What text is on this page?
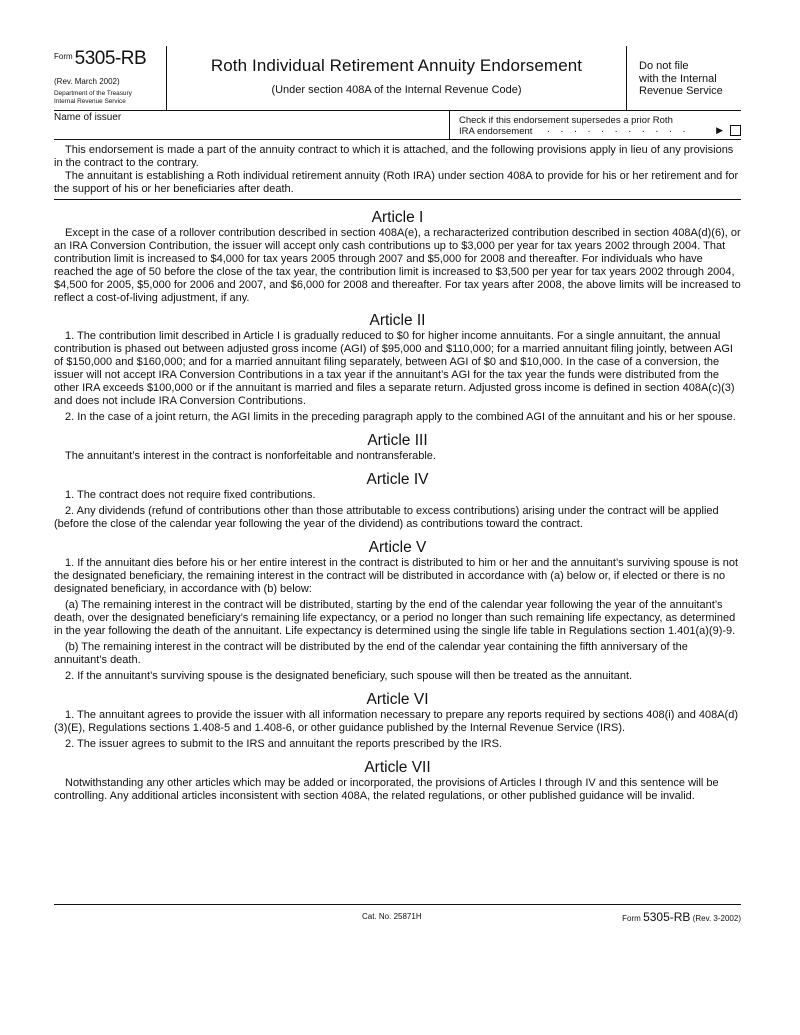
$^{Form}$ 5305-RB
(Rev. March 2002)
Department of the Treasury
Internal Revenue Service
Roth Individual Retirement Annuity Endorsement
(Under section 408A of the Internal Revenue Code)
Do not file
with the Internal
Revenue Service
Name of issuer	Check if this endorsement supersedes a prior Roth
IRA endorsement . . . . . . . . . . .	▶

This endorsement is made a part of the annuity contract to which it is attached, and the following provisions apply in lieu of any provisions in the contract to the contrary.

The annuitant is establishing a Roth individual retirement annuity (Roth IRA) under section 408A to provide for his or her retirement and for the support of his or her beneficiaries after death.

Article I

Except in the case of a rollover contribution described in section 408A(e), a recharacterized contribution described in section 408A(d)(6), or an IRA Conversion Contribution, the issuer will accept only cash contributions up to $3,000 per year for tax years 2002 through 2004. That contribution limit is increased to $4,000 for tax years 2005 through 2007 and $5,000 for 2008 and thereafter. For individuals who have reached the age of 50 before the close of the tax year, the contribution limit is increased to $3,500 per year for tax years 2002 through 2004, $4,500 for 2005, $5,000 for 2006 and 2007, and $6,000 for 2008 and thereafter. For tax years after 2008, the above limits will be increased to reflect a cost-of-living adjustment, if any.

Article II

1. The contribution limit described in Article I is gradually reduced to $0 for higher income annuitants. For a single annuitant, the annual contribution is phased out between adjusted gross income (AGI) of $95,000 and $110,000; for a married annuitant filing jointly, between AGI of $150,000 and $160,000; and for a married annuitant filing separately, between AGI of $0 and $10,000. In the case of a conversion, the issuer will not accept IRA Conversion Contributions in a tax year if the annuitant’s AGI for the tax year the funds were distributed from the other IRA exceeds $100,000 or if the annuitant is married and files a separate return. Adjusted gross income is defined in section 408A(c)(3) and does not include IRA Conversion Contributions.

2. In the case of a joint return, the AGI limits in the preceding paragraph apply to the combined AGI of the annuitant and his or her spouse.

Article III

The annuitant’s interest in the contract is nonforfeitable and nontransferable.

Article IV

1. The contract does not require fixed contributions.

2. Any dividends (refund of contributions other than those attributable to excess contributions) arising under the contract will be applied (before the close of the calendar year following the year of the dividend) as contributions toward the contract.

Article V

1. If the annuitant dies before his or her entire interest in the contract is distributed to him or her and the annuitant’s surviving spouse is not the designated beneficiary, the remaining interest in the contract will be distributed in accordance with (a) below or, if elected or there is no designated beneficiary, in accordance with (b) below:

(a) The remaining interest in the contract will be distributed, starting by the end of the calendar year following the year of the annuitant’s death, over the designated beneficiary’s remaining life expectancy, or a period no longer than such remaining life expectancy, as determined in the year following the death of the annuitant. Life expectancy is determined using the single life table in Regulations section 1.401(a)(9)-9.

(b) The remaining interest in the contract will be distributed by the end of the calendar year containing the fifth anniversary of the annuitant’s death.

2. If the annuitant’s surviving spouse is the designated beneficiary, such spouse will then be treated as the annuitant.

Article VI

1. The annuitant agrees to provide the issuer with all information necessary to prepare any reports required by sections 408(i) and 408A(d)(3)(E), Regulations sections 1.408-5 and 1.408-6, or other guidance published by the Internal Revenue Service (IRS).

2. The issuer agrees to submit to the IRS and annuitant the reports prescribed by the IRS.

Article VII

Notwithstanding any other articles which may be added or incorporated, the provisions of Articles I through IV and this sentence will be controlling. Any additional articles inconsistent with section 408A, the related regulations, or other published guidance will be invalid.

Cat. No. 25871H	Form 5305-RB (Rev. 3-2002)
